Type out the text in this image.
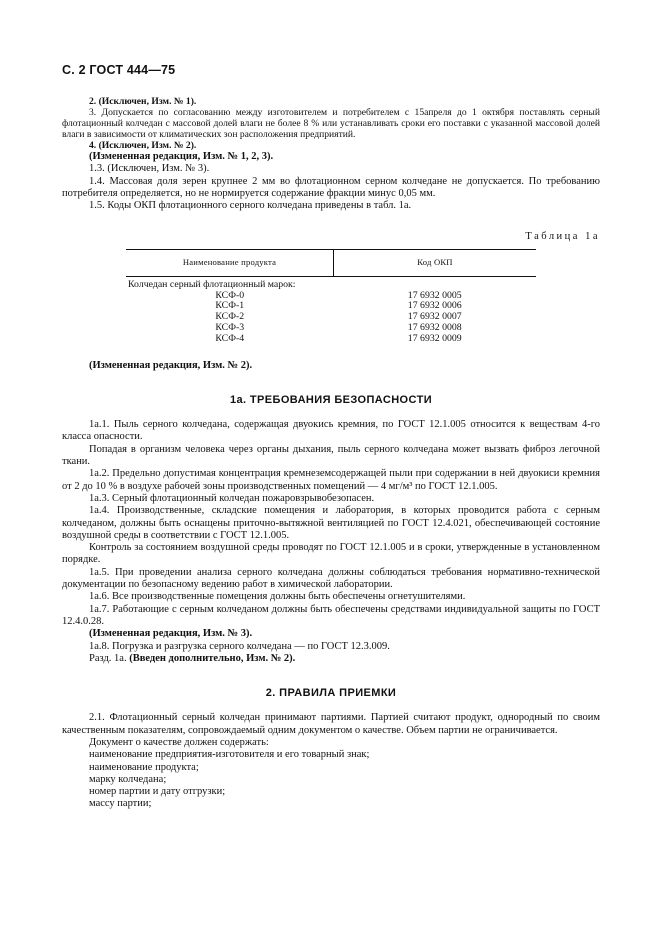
С. 2 ГОСТ 444—75

2. (Исключен, Изм. № 1).

3. Допускается по согласованию между изготовителем и потребителем с 15апреля до 1 октября поставлять серный флотационный колчедан с массовой долей влаги не более 8 % или устанавливать сроки его поставки с указанной массовой долей влаги в зависимости от климатических зон расположения предприятий.

4. (Исключен, Изм. № 2).

(Измененная редакция, Изм. № 1, 2, 3).

1.3. (Исключен, Изм. № 3).

1.4. Массовая доля зерен крупнее 2 мм во флотационном серном колчедане не допускается. По требованию потребителя определяется, но не нормируется содержание фракции минус 0,05 мм.

1.5. Коды ОКП флотационного серного колчедана приведены в табл. 1а.

Таблица 1а
Наименование продукта	Код ОКП
Колчедан серный флотационный марок:	
КСФ-0	17 6932 0005
КСФ-1	17 6932 0006
КСФ-2	17 6932 0007
КСФ-3	17 6932 0008
КСФ-4	17 6932 0009

(Измененная редакция, Изм. № 2).

1а. ТРЕБОВАНИЯ БЕЗОПАСНОСТИ

1а.1. Пыль серного колчедана, содержащая двуокись кремния, по ГОСТ 12.1.005 относится к веществам 4-го класса опасности.

Попадая в организм человека через органы дыхания, пыль серного колчедана может вызвать фиброз легочной ткани.

1а.2. Предельно допустимая концентрация кремнеземсодержащей пыли при содержании в ней двуокиси кремния от 2 до 10 % в воздухе рабочей зоны производственных помещений — 4 мг/м³ по ГОСТ 12.1.005.

1а.3. Серный флотационный колчедан пожаровзрывобезопасен.

1а.4. Производственные, складские помещения и лаборатория, в которых проводится работа с серным колчеданом, должны быть оснащены приточно-вытяжной вентиляцией по ГОСТ 12.4.021, обеспечивающей состояние воздушной среды в соответствии с ГОСТ 12.1.005.

Контроль за состоянием воздушной среды проводят по ГОСТ 12.1.005 и в сроки, утвержденные в установленном порядке.

1а.5. При проведении анализа серного колчедана должны соблюдаться требования нормативно-технической документации по безопасному ведению работ в химической лаборатории.

1а.6. Все производственные помещения должны быть обеспечены огнетушителями.

1а.7. Работающие с серным колчеданом должны быть обеспечены средствами индивидуальной защиты по ГОСТ 12.4.0.28.

(Измененная редакция, Изм. № 3).

1а.8. Погрузка и разгрузка серного колчедана — по ГОСТ 12.3.009.

Разд. 1а. (Введен дополнительно, Изм. № 2).

2. ПРАВИЛА ПРИЕМКИ

2.1. Флотационный серный колчедан принимают партиями. Партией считают продукт, однородный по своим качественным показателям, сопровождаемый одним документом о качестве. Объем партии не ограничивается.

Документ о качестве должен содержать:

наименование предприятия-изготовителя и его товарный знак;

наименование продукта;

марку колчедана;

номер партии и дату отгрузки;

массу партии;
